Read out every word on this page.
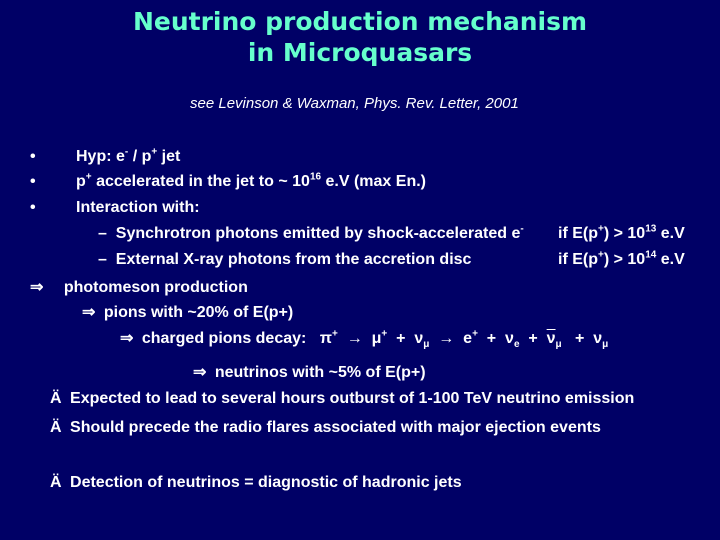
Neutrino production mechanism
in Microquasars
see Levinson & Waxman, Phys. Rev. Letter, 2001
•	Hyp: e- / p+ jet
•	p+ accelerated in the jet to ~ $10^{16}$ e.V (max En.)
•	Interaction with:
– Synchrotron photons emitted by shock-accelerated e- if $E(p^+) > 10^{13}$ e.V
– External X-ray photons from the accretion disc	if $E(p^+) > 10^{14}$ e.V
⇒ photomeson production
⇒ pions with ~20% of E(p+)
⇒ charged pions decay: $\pi^+ \to \mu^+ + \nu_\mu \to e^+ + \nu_e + \overline{\nu}_\mu + \nu_\mu$
⇒ neutrinos with ~5% of E(p+)
Ä Expected to lead to several hours outburst of 1-100 TeV neutrino emission
Ä Should precede the radio flares associated with major ejection events
Ä Detection of neutrinos = diagnostic of hadronic jets
